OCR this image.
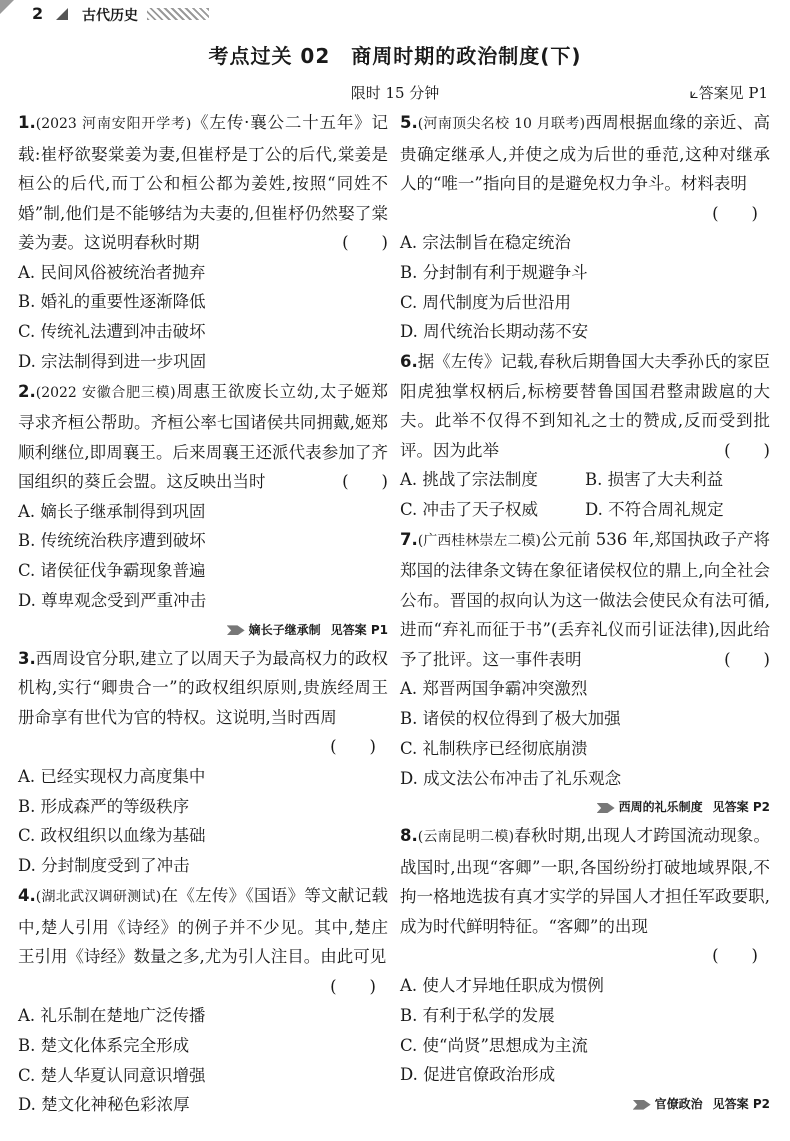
2	古代历史
考点过关 02　商周时期的政治制度(下)
限时 15 分钟	⟀答案见 P1

1.(2023 河南安阳开学考)《左传·襄公二十五年》记载:崔杼欲娶棠姜为妻,但崔杼是丁公的后代,棠姜是桓公的后代,而丁公和桓公都为姜姓,按照“同姓不婚”制,他们是不能够结为夫妻的,但崔杼仍然娶了棠姜为妻。这说明春秋时期	(　　)

A. 民间风俗被统治者抛弃
B. 婚礼的重要性逐渐降低
C. 传统礼法遭到冲击破坏
D. 宗法制得到进一步巩固

2.(2022 安徽合肥三模)周惠王欲废长立幼,太子姬郑寻求齐桓公帮助。齐桓公率七国诸侯共同拥戴,姬郑顺利继位,即周襄王。后来周襄王还派代表参加了齐国组织的葵丘会盟。这反映出当时	(　　)

A. 嫡长子继承制得到巩固
B. 传统统治秩序遭到破坏
C. 诸侯征伐争霸现象普遍
D. 尊卑观念受到严重冲击
嫡长子继承制 见答案 P1

3.西周设官分职,建立了以周天子为最高权力的政权机构,实行“卿贵合一”的政权组织原则,贵族经周王册命享有世代为官的特权。这说明,当时西周

(　　)
A. 已经实现权力高度集中
B. 形成森严的等级秩序
C. 政权组织以血缘为基础
D. 分封制度受到了冲击

4.(湖北武汉调研测试)在《左传》《国语》等文献记载中,楚人引用《诗经》的例子并不少见。其中,楚庄王引用《诗经》数量之多,尤为引人注目。由此可见

(　　)
A. 礼乐制在楚地广泛传播
B. 楚文化体系完全形成
C. 楚人华夏认同意识增强
D. 楚文化神秘色彩浓厚

5.(河南顶尖名校 10 月联考)西周根据血缘的亲近、高贵确定继承人,并使之成为后世的垂范,这种对继承人的“唯一”指向目的是避免权力争斗。材料表明

(　　)
A. 宗法制旨在稳定统治
B. 分封制有利于规避争斗
C. 周代制度为后世沿用
D. 周代统治长期动荡不安

6.据《左传》记载,春秋后期鲁国大夫季孙氏的家臣阳虎独掌权柄后,标榜要替鲁国国君整肃跋扈的大夫。此举不仅得不到知礼之士的赞成,反而受到批评。因为此举	(　　)

A. 挑战了宗法制度	B. 损害了大夫利益
C. 冲击了天子权威	D. 不符合周礼规定

7.(广西桂林崇左二模)公元前 536 年,郑国执政子产将郑国的法律条文铸在象征诸侯权位的鼎上,向全社会公布。晋国的叔向认为这一做法会使民众有法可循,进而“弃礼而征于书”(丢弃礼仪而引证法律),因此给予了批评。这一事件表明	(　　)

A. 郑晋两国争霸冲突激烈
B. 诸侯的权位得到了极大加强
C. 礼制秩序已经彻底崩溃
D. 成文法公布冲击了礼乐观念
西周的礼乐制度 见答案 P2

8.(云南昆明二模)春秋时期,出现人才跨国流动现象。战国时,出现“客卿”一职,各国纷纷打破地域界限,不拘一格地选拔有真才实学的异国人才担任军政要职,成为时代鲜明特征。“客卿”的出现

(　　)
A. 使人才异地任职成为惯例
B. 有利于私学的发展
C. 使“尚贤”思想成为主流
D. 促进官僚政治形成
官僚政治 见答案 P2
